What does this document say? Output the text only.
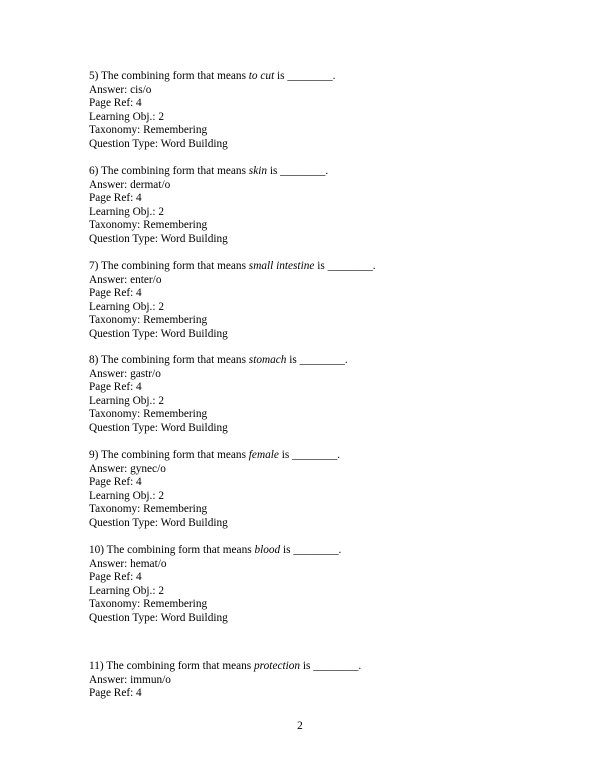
5) The combining form that means to cut is ________.
Answer: cis/o
Page Ref: 4
Learning Obj.: 2
Taxonomy: Remembering
Question Type: Word Building
6) The combining form that means skin is ________.
Answer: dermat/o
Page Ref: 4
Learning Obj.: 2
Taxonomy: Remembering
Question Type: Word Building
7) The combining form that means small intestine is ________.
Answer: enter/o
Page Ref: 4
Learning Obj.: 2
Taxonomy: Remembering
Question Type: Word Building
8) The combining form that means stomach is ________.
Answer: gastr/o
Page Ref: 4
Learning Obj.: 2
Taxonomy: Remembering
Question Type: Word Building
9) The combining form that means female is ________.
Answer: gynec/o
Page Ref: 4
Learning Obj.: 2
Taxonomy: Remembering
Question Type: Word Building
10) The combining form that means blood is ________.
Answer: hemat/o
Page Ref: 4
Learning Obj.: 2
Taxonomy: Remembering
Question Type: Word Building
11) The combining form that means protection is ________.
Answer: immun/o
Page Ref: 4
2
